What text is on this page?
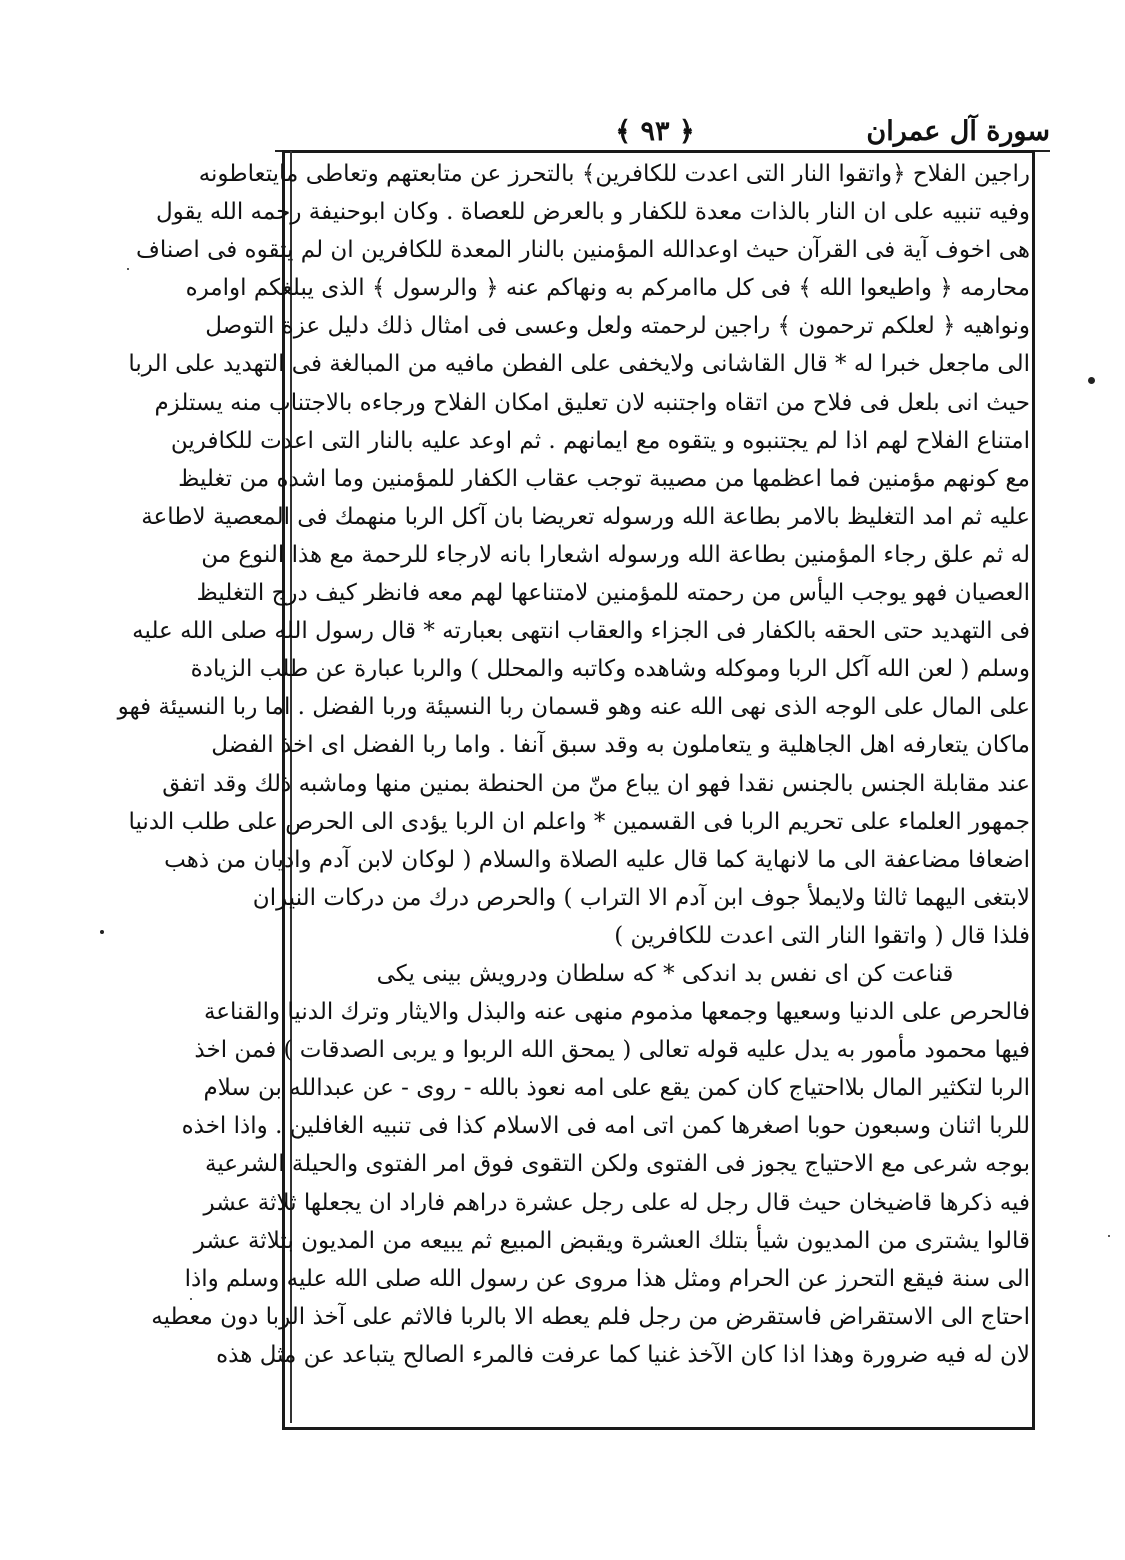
سورة آل عمران
﴾ ٩٣ ﴿
راجين الفلاح ﴿واتقوا النار التى اعدت للكافرين﴾ بالتحرز عن متابعتهم وتعاطى مايتعاطونه
وفيه تنبيه على ان النار بالذات معدة للكفار و بالعرض للعصاة . وكان ابوحنيفة رحمه الله يقول
هى اخوف آية فى القرآن حيث اوعدالله المؤمنين بالنار المعدة للكافرين ان لم يتقوه فى اصناف
محارمه ﴿ واطيعوا الله ﴾ فى كل ماامركم به ونهاكم عنه ﴿ والرسول ﴾ الذى يبلغكم اوامره
ونواهيه ﴿ لعلكم ترحمون ﴾ راجين لرحمته ولعل وعسى فى امثال ذلك دليل عزة التوصل
الى ماجعل خبرا له * قال القاشانى ولايخفى على الفطن مافيه من المبالغة فى التهديد على الربا
حيث انى بلعل فى فلاح من اتقاه واجتنبه لان تعليق امكان الفلاح ورجاءه بالاجتناب منه يستلزم
امتناع الفلاح لهم اذا لم يجتنبوه و يتقوه مع ايمانهم . ثم اوعد عليه بالنار التى اعدت للكافرين
مع كونهم مؤمنين فما اعظمها من مصيبة توجب عقاب الكفار للمؤمنين وما اشده من تغليظ
عليه ثم امد التغليظ بالامر بطاعة الله ورسوله تعريضا بان آكل الربا منهمك فى المعصية لاطاعة
له ثم علق رجاء المؤمنين بطاعة الله ورسوله اشعارا بانه لارجاء للرحمة مع هذا النوع من
العصيان فهو يوجب اليأس من رحمته للمؤمنين لامتناعها لهم معه فانظر كيف درج التغليظ
فى التهديد حتى الحقه بالكفار فى الجزاء والعقاب انتهى بعبارته * قال رسول الله صلى الله عليه
وسلم ( لعن الله آكل الربا وموكله وشاهده وكاتبه والمحلل ) والربا عبارة عن طلب الزيادة
على المال على الوجه الذى نهى الله عنه وهو قسمان ربا النسيئة وربا الفضل . اما ربا النسيئة فهو
ماكان يتعارفه اهل الجاهلية و يتعاملون به وقد سبق آنفا . واما ربا الفضل اى اخذ الفضل
عند مقابلة الجنس بالجنس نقدا فهو ان يباع منّ من الحنطة بمنين منها وماشبه ذلك وقد اتفق
جمهور العلماء على تحريم الربا فى القسمين * واعلم ان الربا يؤدى الى الحرص على طلب الدنيا
اضعافا مضاعفة الى ما لانهاية كما قال عليه الصلاة والسلام ( لوكان لابن آدم واديان من ذهب
لابتغى اليهما ثالثا ولايملأ جوف ابن آدم الا التراب ) والحرص درك من دركات النيران
فلذا قال ( واتقوا النار التى اعدت للكافرين )
قناعت كن اى نفس بد اندكى * كه سلطان ودرويش بينى يكى
فالحرص على الدنيا وسعيها وجمعها مذموم منهى عنه والبذل والايثار وترك الدنيا والقناعة
فيها محمود مأمور به يدل عليه قوله تعالى ( يمحق الله الربوا و يربى الصدقات ) فمن اخذ
الربا لتكثير المال بلااحتياج كان كمن يقع على امه نعوذ بالله - روى - عن عبدالله بن سلام
للربا اثنان وسبعون حوبا اصغرها كمن اتى امه فى الاسلام كذا فى تنبيه الغافلين . واذا اخذه
بوجه شرعى مع الاحتياج يجوز فى الفتوى ولكن التقوى فوق امر الفتوى والحيلة الشرعية
فيه ذكرها قاضيخان حيث قال رجل له على رجل عشرة دراهم فاراد ان يجعلها ثلاثة عشر
قالوا يشترى من المديون شيأ بتلك العشرة ويقبض المبيع ثم يبيعه من المديون بثلاثة عشر
الى سنة فيقع التحرز عن الحرام ومثل هذا مروى عن رسول الله صلى الله عليه وسلم واذا
احتاج الى الاستقراض فاستقرض من رجل فلم يعطه الا بالربا فالاثم على آخذ الربا دون معطيه
لان له فيه ضرورة وهذا اذا كان الآخذ غنيا كما عرفت فالمرء الصالح يتباعد عن مثل هذه
